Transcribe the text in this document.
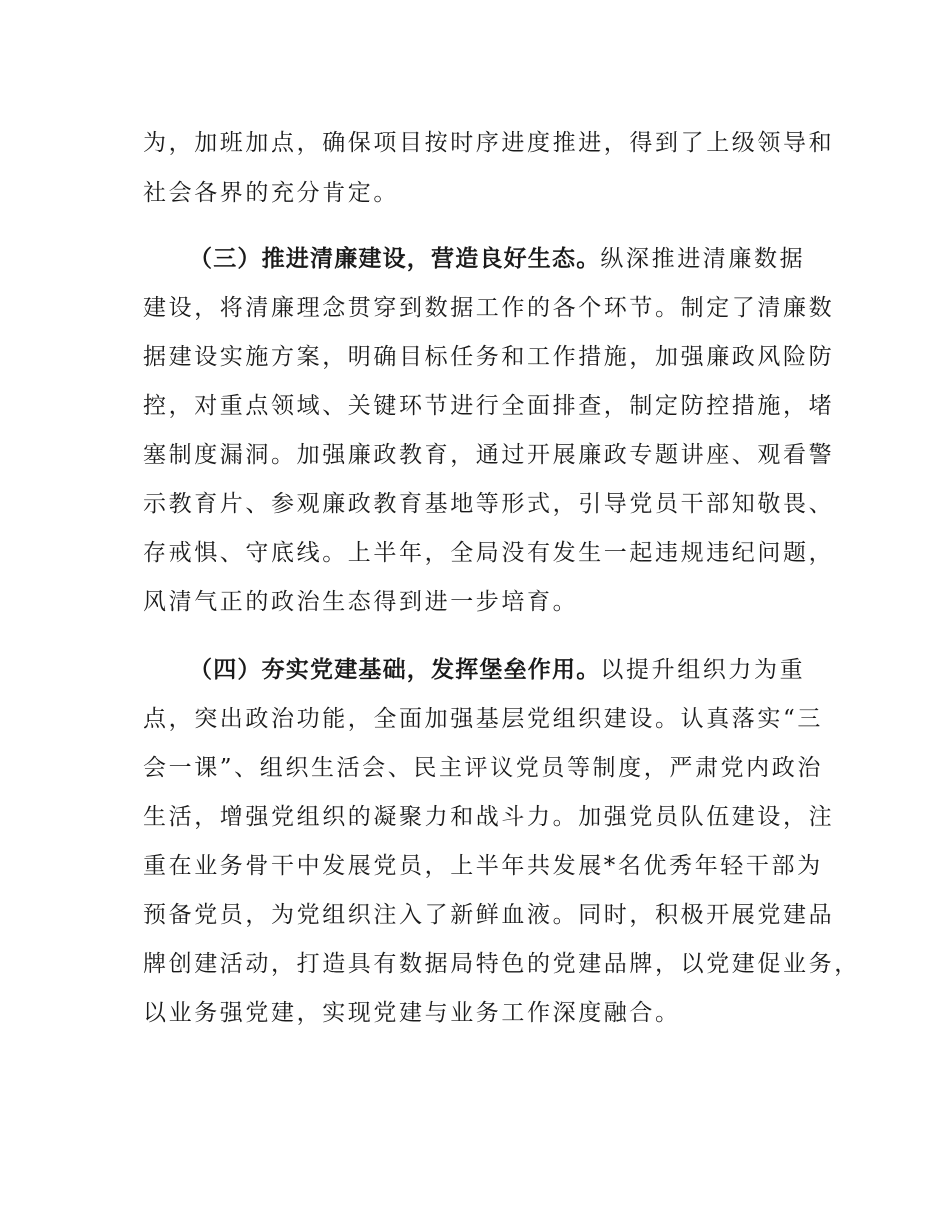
为，加班加点，确保项目按时序进度推进，得到了上级领导和
社会各界的充分肯定。
（三）推进清廉建设，营造良好生态。纵深推进清廉数据
建设，将清廉理念贯穿到数据工作的各个环节。制定了清廉数
据建设实施方案，明确目标任务和工作措施，加强廉政风险防
控，对重点领域、关键环节进行全面排查，制定防控措施，堵
塞制度漏洞。加强廉政教育，通过开展廉政专题讲座、观看警
示教育片、参观廉政教育基地等形式，引导党员干部知敬畏、
存戒惧、守底线。上半年，全局没有发生一起违规违纪问题，
风清气正的政治生态得到进一步培育。
（四）夯实党建基础，发挥堡垒作用。以提升组织力为重
点，突出政治功能，全面加强基层党组织建设。认真落实“三
会一课”、组织生活会、民主评议党员等制度，严肃党内政治
生活，增强党组织的凝聚力和战斗力。加强党员队伍建设，注
重在业务骨干中发展党员，上半年共发展*名优秀年轻干部为
预备党员，为党组织注入了新鲜血液。同时，积极开展党建品
牌创建活动，打造具有数据局特色的党建品牌，以党建促业务，
以业务强党建，实现党建与业务工作深度融合。
